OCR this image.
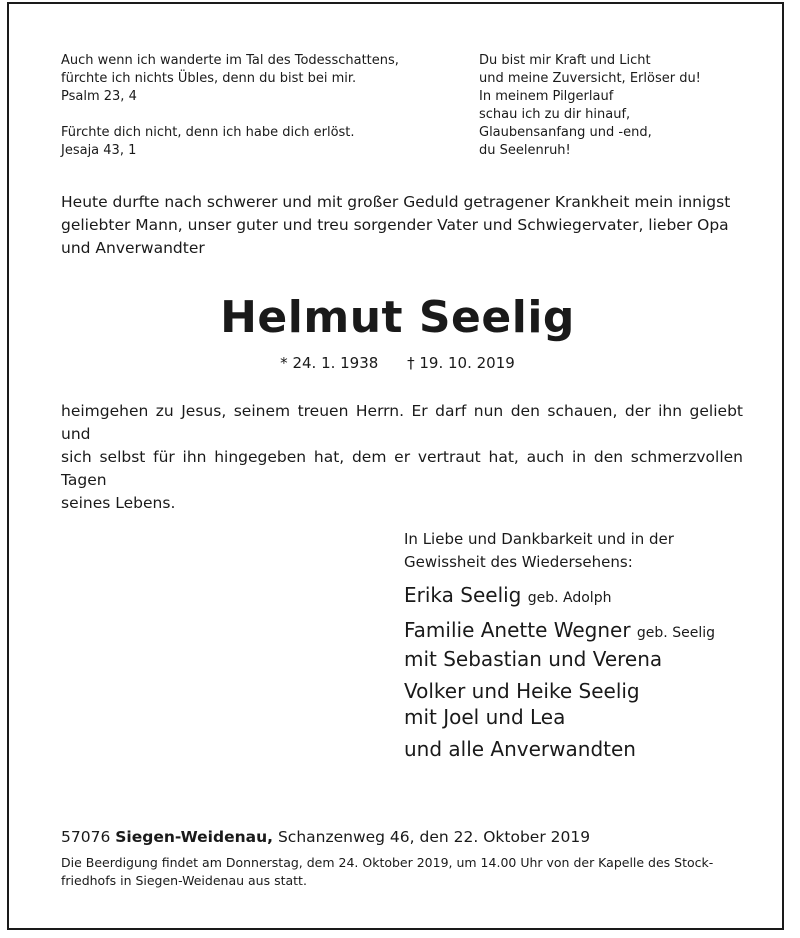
Auch wenn ich wanderte im Tal des Todesschattens,
fürchte ich nichts Übles, denn du bist bei mir.
Psalm 23, 4
Fürchte dich nicht, denn ich habe dich erlöst.
Jesaja 43, 1
Du bist mir Kraft und Licht
und meine Zuversicht, Erlöser du!
In meinem Pilgerlauf
schau ich zu dir hinauf,
Glaubensanfang und -end,
du Seelenruh!
Heute durfte nach schwerer und mit großer Geduld getragener Krankheit mein innigst
geliebter Mann, unser guter und treu sorgender Vater und Schwiegervater, lieber Opa
und Anverwandter
Helmut Seelig
* 24. 1. 1938 † 19. 10. 2019
heimgehen zu Jesus, seinem treuen Herrn. Er darf nun den schauen, der ihn geliebt und
sich selbst für ihn hingegeben hat, dem er vertraut hat, auch in den schmerzvollen Tagen
seines Lebens.
In Liebe und Dankbarkeit und in der
Gewissheit des Wiedersehens:
Erika Seelig geb. Adolph
Familie Anette Wegner geb. Seelig
mit Sebastian und Verena
Volker und Heike Seelig
mit Joel und Lea
und alle Anverwandten
57076 Siegen-Weidenau, Schanzenweg 46, den 22. Oktober 2019
Die Beerdigung findet am Donnerstag, dem 24. Oktober 2019, um 14.00 Uhr von der Kapelle des Stock-
friedhofs in Siegen-Weidenau aus statt.
